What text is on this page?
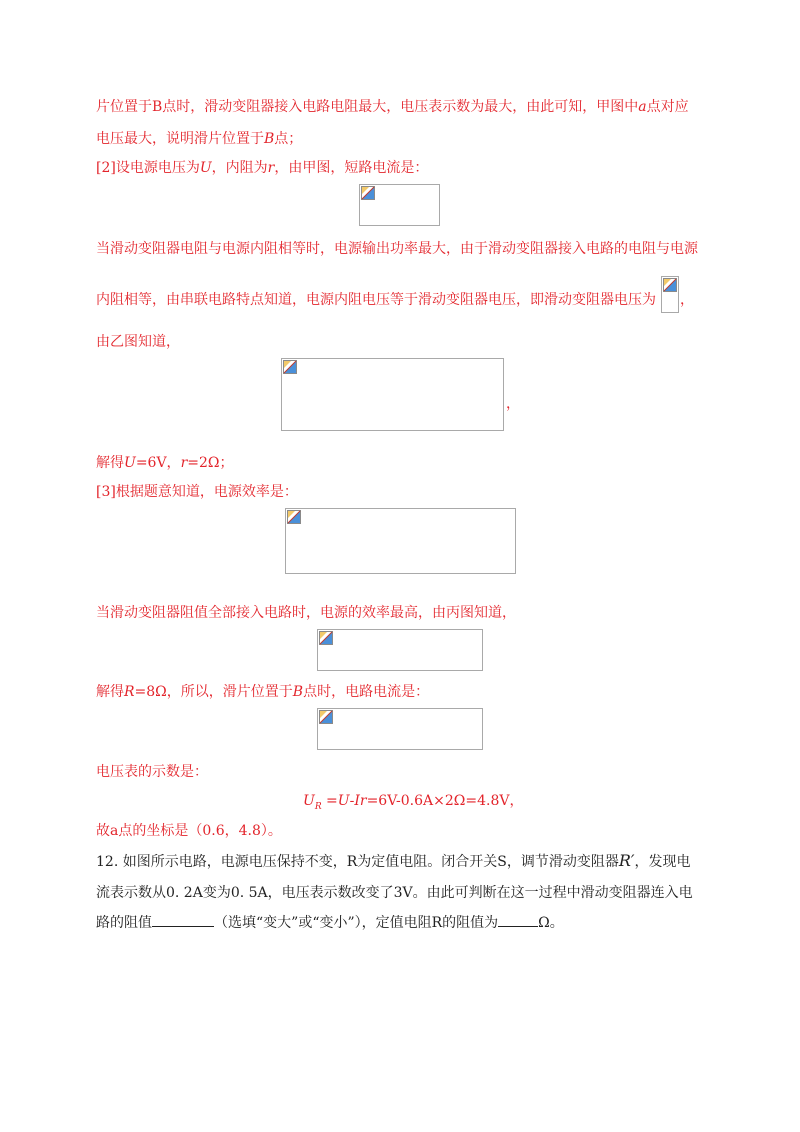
片位置于B点时，滑动变阻器接入电路电阻最大，电压表示数为最大，由此可知，甲图中a点对应
电压最大，说明滑片位置于B点；
[2]设电源电压为U，内阻为r，由甲图，短路电流是：
当滑动变阻器电阻与电源内阻相等时，电源输出功率最大，由于滑动变阻器接入电路的电阻与电源
内阻相等，由串联电路特点知道，电源内阻电压等于滑动变阻器电压，即滑动变阻器电压为 ，
由乙图知道，
，
解得U=6V，r=2Ω；
[3]根据题意知道，电源效率是：
当滑动变阻器阻值全部接入电路时，电源的效率最高，由丙图知道，
解得R=8Ω，所以，滑片位置于B点时，电路电流是：
电压表的示数是：
$U_R =U-Ir=6V-0.6A\times 2\Omega=4.8V$，
故a点的坐标是（0.6，4.8）。
12. 如图所示电路，电源电压保持不变，R为定值电阻。闭合开关S，调节滑动变阻器R′，发现电
流表示数从0. 2A变为0. 5A，电压表示数改变了3V。由此可判断在这一过程中滑动变阻器连入电
路的阻值	（选填“变大”或“变小”），定值电阻R的阻值为	Ω。
